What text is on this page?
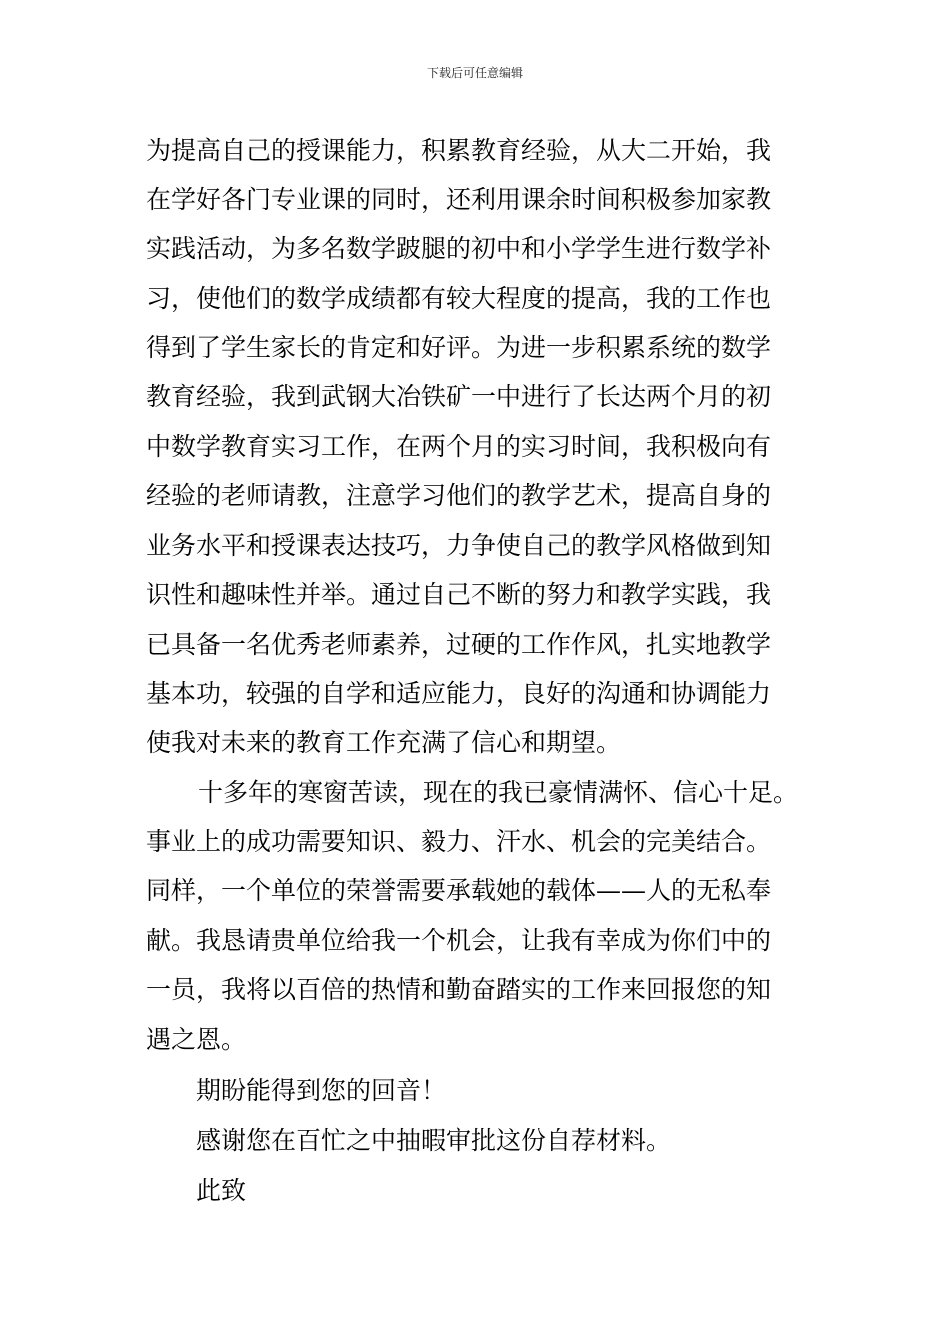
下载后可任意编辑
为提高自己的授课能力，积累教育经验，从大二开始，我
在学好各门专业课的同时，还利用课余时间积极参加家教
实践活动，为多名数学跛腿的初中和小学学生进行数学补
习，使他们的数学成绩都有较大程度的提高，我的工作也
得到了学生家长的肯定和好评。为进一步积累系统的数学
教育经验，我到武钢大冶铁矿一中进行了长达两个月的初
中数学教育实习工作，在两个月的实习时间，我积极向有
经验的老师请教，注意学习他们的教学艺术，提高自身的
业务水平和授课表达技巧，力争使自己的教学风格做到知
识性和趣味性并举。通过自己不断的努力和教学实践，我
已具备一名优秀老师素养，过硬的工作作风，扎实地教学
基本功，较强的自学和适应能力，良好的沟通和协调能力
使我对未来的教育工作充满了信心和期望。
十多年的寒窗苦读，现在的我已豪情满怀、信心十足。
事业上的成功需要知识、毅力、汗水、机会的完美结合。
同样，一个单位的荣誉需要承载她的载体——人的无私奉
献。我恳请贵单位给我一个机会，让我有幸成为你们中的
一员，我将以百倍的热情和勤奋踏实的工作来回报您的知
遇之恩。
期盼能得到您的回音！
感谢您在百忙之中抽暇审批这份自荐材料。
此致
